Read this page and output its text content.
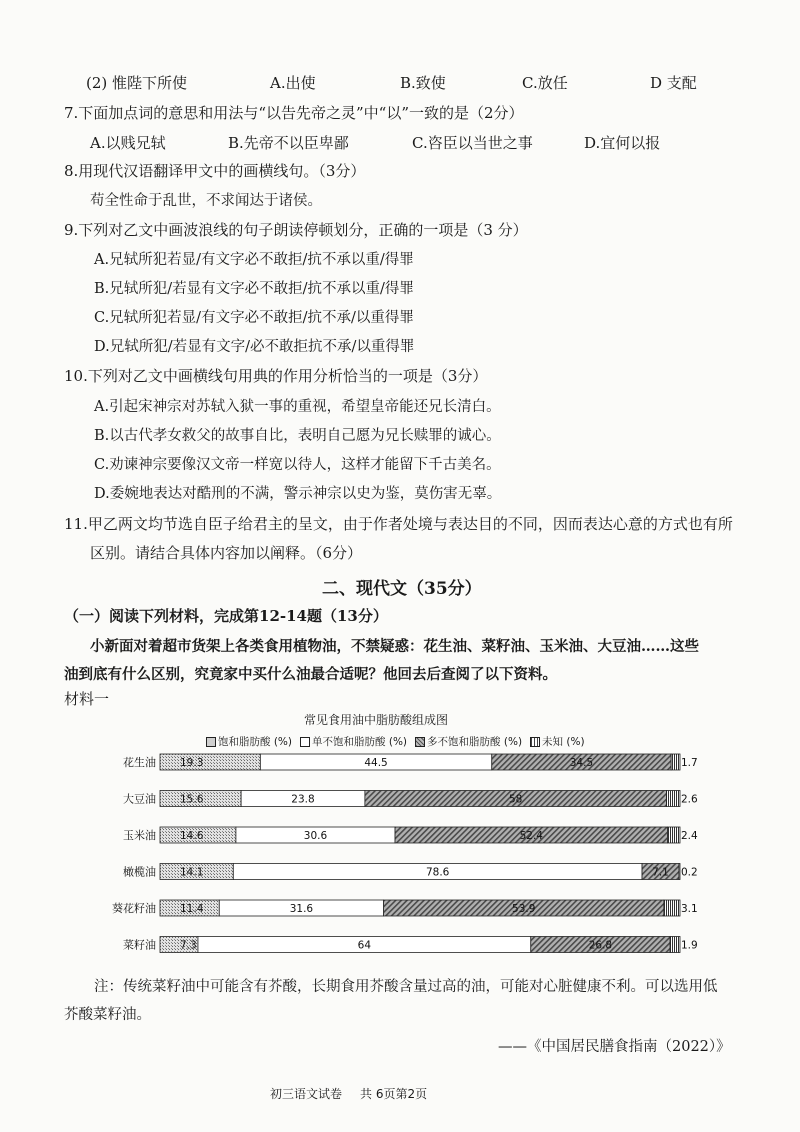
(2) 惟陛下所使	A.出使	B.致使	C.放任	D 支配
7.下面加点词的意思和用法与“以告先帝之灵”中“以”一致的是（2分）
A.以贱兄轼	B.先帝不以臣卑鄙	C.咨臣以当世之事	D.宜何以报
8.用现代汉语翻译甲文中的画横线句。（3分）
苟全性命于乱世，不求闻达于诸侯。
9.下列对乙文中画波浪线的句子朗读停顿划分，正确的一项是（3 分）
A.兄轼所犯若显/有文字必不敢拒/抗不承以重/得罪
B.兄轼所犯/若显有文字必不敢拒/抗不承以重/得罪
C.兄轼所犯若显/有文字必不敢拒/抗不承/以重得罪
D.兄轼所犯/若显有文字/必不敢拒抗不承/以重得罪
10.下列对乙文中画横线句用典的作用分析恰当的一项是（3分）
A.引起宋神宗对苏轼入狱一事的重视，希望皇帝能还兄长清白。
B.以古代孝女救父的故事自比，表明自己愿为兄长赎罪的诚心。
C.劝谏神宗要像汉文帝一样宽以待人，这样才能留下千古美名。
D.委婉地表达对酷刑的不满，警示神宗以史为鉴，莫伤害无辜。
11.甲乙两文均节选自臣子给君主的呈文，由于作者处境与表达目的不同，因而表达心意的方式也有所
区别。请结合具体内容加以阐释。（6分）
二、现代文（35分）
（一）阅读下列材料，完成第12-14题（13分）
小新面对着超市货架上各类食用植物油，不禁疑惑：花生油、菜籽油、玉米油、大豆油……这些
油到底有什么区别，究竟家中买什么油最合适呢？他回去后查阅了以下资料。
材料一
常见食用油中脂肪酸组成图
饱和脂肪酸 (%) 单不饱和脂肪酸 (%) 多不饱和脂肪酸 (%) 未知 (%)
花生油 19.3	44.5	34.5	1.7
大豆油 15.6	23.8	58	2.6
玉米油 14.6	30.6	52.4	2.4
橄榄油 14.1	78.6	7.1 0.2
葵花籽油 11.4	31.6	53.9	3.1
菜籽油 7.3	64	26.8	1.9
注：传统菜籽油中可能含有芥酸，长期食用芥酸含量过高的油，可能对心脏健康不利。可以选用低
芥酸菜籽油。
——《中国居民膳食指南（2022）》
初三语文试卷 共 6页第2页
